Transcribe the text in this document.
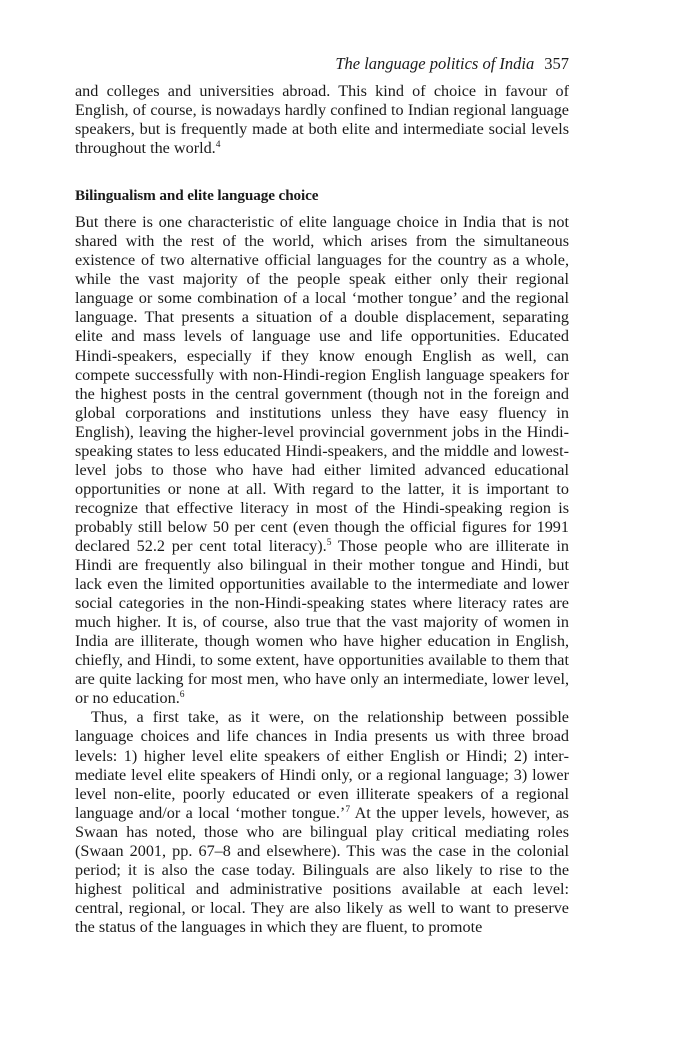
The language politics of India 357

and colleges and universities abroad. This kind of choice in favour of English, of course, is nowadays hardly confined to Indian regional language speakers, but is frequently made at both elite and intermediate social levels throughout the world.$^4$

Bilingualism and elite language choice

But there is one characteristic of elite language choice in India that is not shared with the rest of the world, which arises from the simultaneous existence of two alternative official languages for the country as a whole, while the vast majority of the people speak either only their regional language or some combination of a local ‘mother tongue’ and the regional language. That presents a situation of a double displacement, separating elite and mass levels of language use and life opportunities. Educated Hindi-speakers, especially if they know enough English as well, can compete successfully with non-Hindi-region English language speakers for the highest posts in the central government (though not in the foreign and global corporations and institutions unless they have easy fluency in English), leaving the higher-level provincial government jobs in the Hindi-speaking states to less educated Hindi-speakers, and the middle and lowest-level jobs to those who have had either limited advanced educational opportunities or none at all. With regard to the latter, it is important to recognize that effective literacy in most of the Hindi-speaking region is probably still below 50 per cent (even though the official figures for 1991 declared 52.2 per cent total literacy).$^5$ Those people who are illiterate in Hindi are frequently also bilingual in their mother tongue and Hindi, but lack even the limited opportunities available to the intermediate and lower social categories in the non-Hindi-speaking states where literacy rates are much higher. It is, of course, also true that the vast majority of women in India are illiterate, though women who have higher education in English, chiefly, and Hindi, to some extent, have opportunities available to them that are quite lacking for most men, who have only an intermediate, lower level, or no education.$^6$

Thus, a first take, as it were, on the relationship between possible language choices and life chances in India presents us with three broad levels: 1) higher level elite speakers of either English or Hindi; 2) intermediate level elite speakers of Hindi only, or a regional language; 3) lower level non-elite, poorly educated or even illiterate speakers of a regional language and/or a local ‘mother tongue.’$^7$ At the upper levels, however, as Swaan has noted, those who are bilingual play critical mediating roles (Swaan 2001, pp. 67–8 and elsewhere). This was the case in the colonial period; it is also the case today. Bilinguals are also likely to rise to the highest political and administrative positions available at each level: central, regional, or local. They are also likely as well to want to preserve the status of the languages in which they are fluent, to promote
